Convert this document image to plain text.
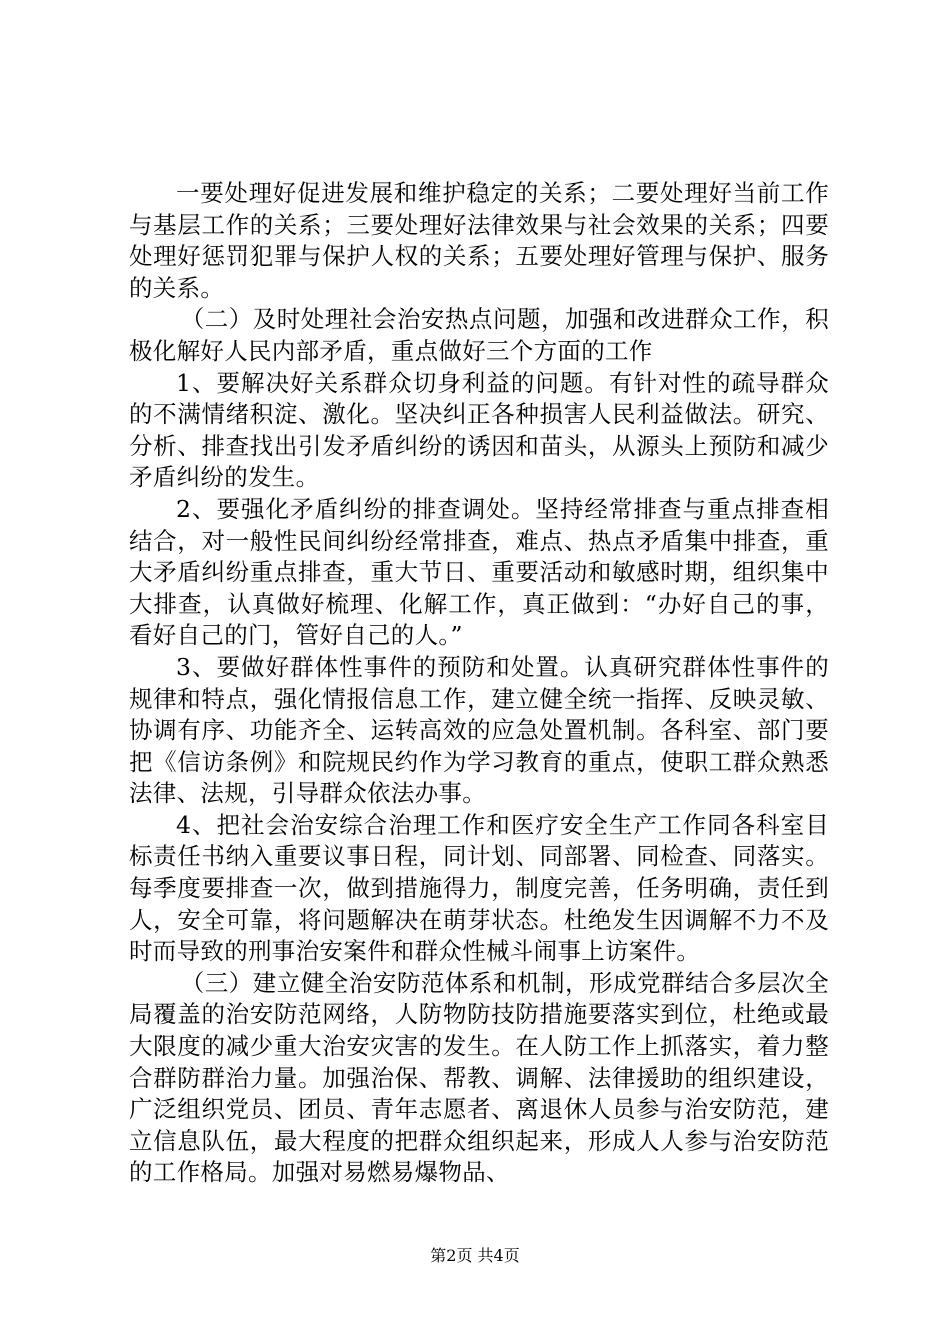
一要处理好促进发展和维护稳定的关系；二要处理好当前工作与基层工作的关系；三要处理好法律效果与社会效果的关系；四要处理好惩罚犯罪与保护人权的关系；五要处理好管理与保护、服务的关系。

（二）及时处理社会治安热点问题，加强和改进群众工作，积极化解好人民内部矛盾，重点做好三个方面的工作

1、要解决好关系群众切身利益的问题。有针对性的疏导群众的不满情绪积淀、激化。坚决纠正各种损害人民利益做法。研究、分析、排查找出引发矛盾纠纷的诱因和苗头，从源头上预防和减少矛盾纠纷的发生。

2、要强化矛盾纠纷的排查调处。坚持经常排查与重点排查相结合，对一般性民间纠纷经常排查，难点、热点矛盾集中排查，重大矛盾纠纷重点排查，重大节日、重要活动和敏感时期，组织集中大排查，认真做好梳理、化解工作，真正做到：“办好自己的事，看好自己的门，管好自己的人。”

3、要做好群体性事件的预防和处置。认真研究群体性事件的规律和特点，强化情报信息工作，建立健全统一指挥、反映灵敏、协调有序、功能齐全、运转高效的应急处置机制。各科室、部门要把《信访条例》和院规民约作为学习教育的重点，使职工群众熟悉法律、法规，引导群众依法办事。

4、把社会治安综合治理工作和医疗安全生产工作同各科室目标责任书纳入重要议事日程，同计划、同部署、同检查、同落实。每季度要排查一次，做到措施得力，制度完善，任务明确，责任到人，安全可靠，将问题解决在萌芽状态。杜绝发生因调解不力不及时而导致的刑事治安案件和群众性械斗闹事上访案件。

（三）建立健全治安防范体系和机制，形成党群结合多层次全局覆盖的治安防范网络，人防物防技防措施要落实到位，杜绝或最大限度的减少重大治安灾害的发生。在人防工作上抓落实，着力整合群防群治力量。加强治保、帮教、调解、法律援助的组织建设，广泛组织党员、团员、青年志愿者、离退休人员参与治安防范，建立信息队伍，最大程度的把群众组织起来，形成人人参与治安防范的工作格局。加强对易燃易爆物品、

第2页 共4页
